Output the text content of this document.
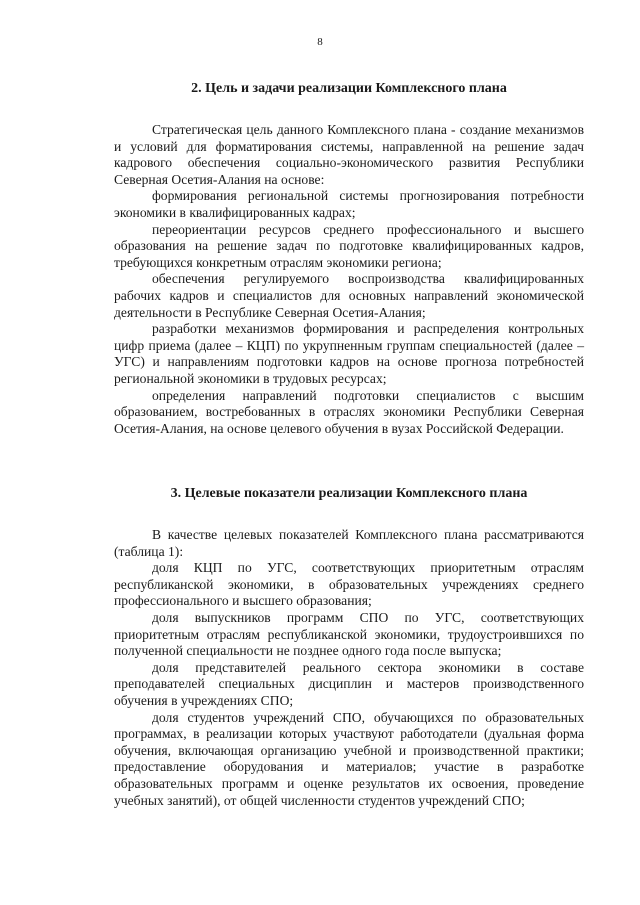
8

2. Цель и задачи реализации Комплексного плана

Стратегическая цель данного Комплексного плана - создание механизмов и условий для форматирования системы, направленной на решение задач кадрового обеспечения социально-экономического развития Республики Северная Осетия-Алания на основе:

формирования региональной системы прогнозирования потребности экономики в квалифицированных кадрах;

переориентации ресурсов среднего профессионального и высшего образования на решение задач по подготовке квалифицированных кадров, требующихся конкретным отраслям экономики региона;

обеспечения регулируемого воспроизводства квалифицированных рабочих кадров и специалистов для основных направлений экономической деятельности в Республике Северная Осетия-Алания;

разработки механизмов формирования и распределения контрольных цифр приема (далее – КЦП) по укрупненным группам специальностей (далее – УГС) и направлениям подготовки кадров на основе прогноза потребностей региональной экономики в трудовых ресурсах;

определения направлений подготовки специалистов с высшим образованием, востребованных в отраслях экономики Республики Северная Осетия-Алания, на основе целевого обучения в вузах Российской Федерации.

3. Целевые показатели реализации Комплексного плана

В качестве целевых показателей Комплексного плана рассматриваются (таблица 1):

доля КЦП по УГС, соответствующих приоритетным отраслям республиканской экономики, в образовательных учреждениях среднего профессионального и высшего образования;

доля выпускников программ СПО по УГС, соответствующих приоритетным отраслям республиканской экономики, трудоустроившихся по полученной специальности не позднее одного года после выпуска;

доля представителей реального сектора экономики в составе преподавателей специальных дисциплин и мастеров производственного обучения в учреждениях СПО;

доля студентов учреждений СПО, обучающихся по образовательных программах, в реализации которых участвуют работодатели (дуальная форма обучения, включающая организацию учебной и производственной практики; предоставление оборудования и материалов; участие в разработке образовательных программ и оценке результатов их освоения, проведение учебных занятий), от общей численности студентов учреждений СПО;
